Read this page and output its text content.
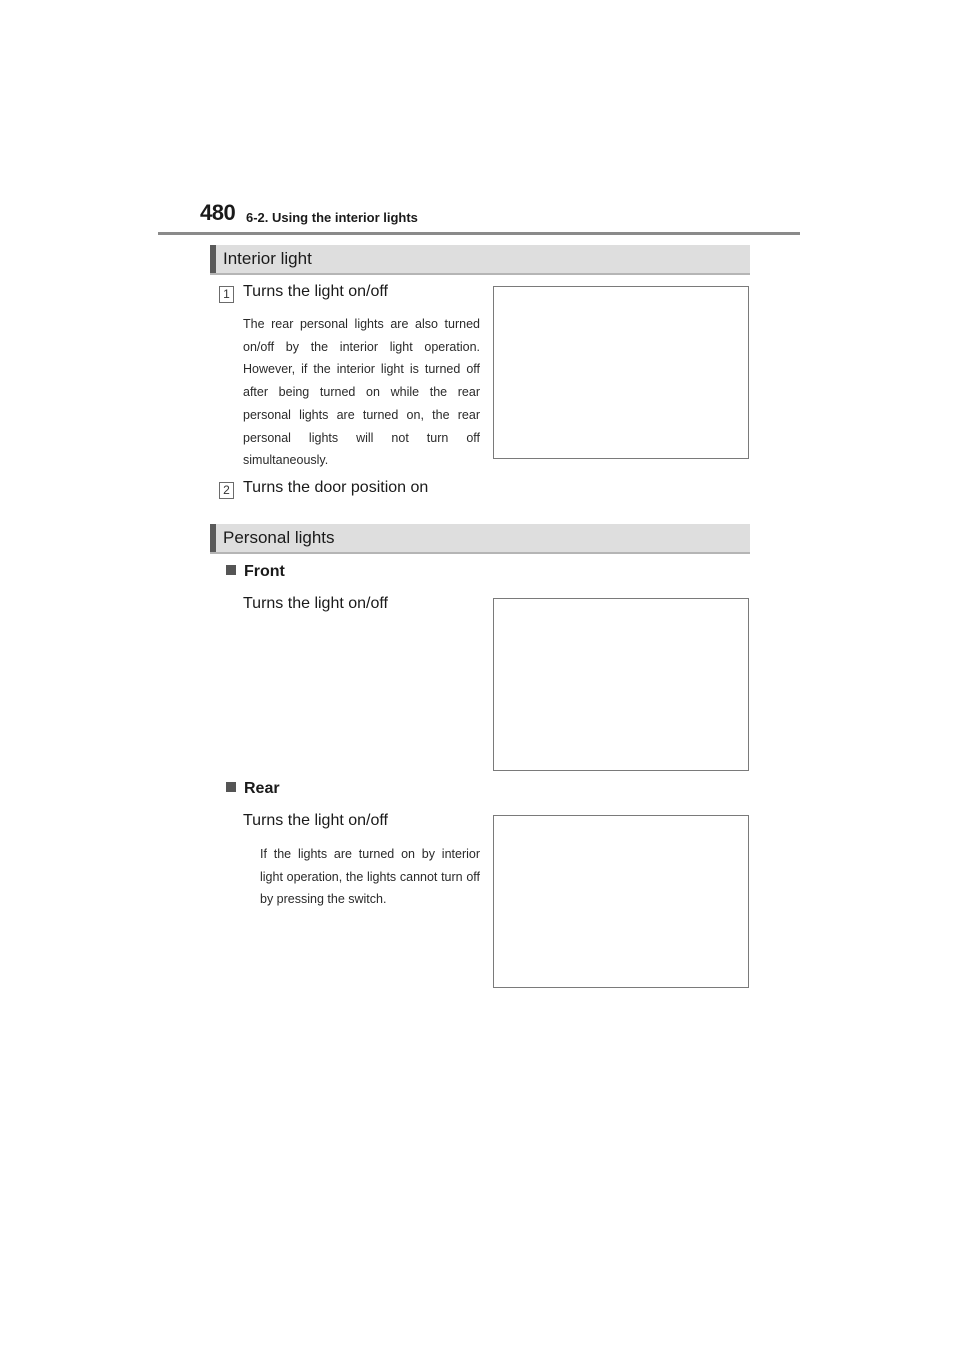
480 6-2. Using the interior lights
Interior light
1 Turns the light on/off
The rear personal lights are also turned on/off by the interior light operation. However, if the interior light is turned off after being turned on while the rear personal lights are turned on, the rear personal lights will not turn off simultaneously.
2 Turns the door position on
Personal lights
Front
Turns the light on/off
Rear
Turns the light on/off
If the lights are turned on by interior light operation, the lights cannot turn off by pressing the switch.
